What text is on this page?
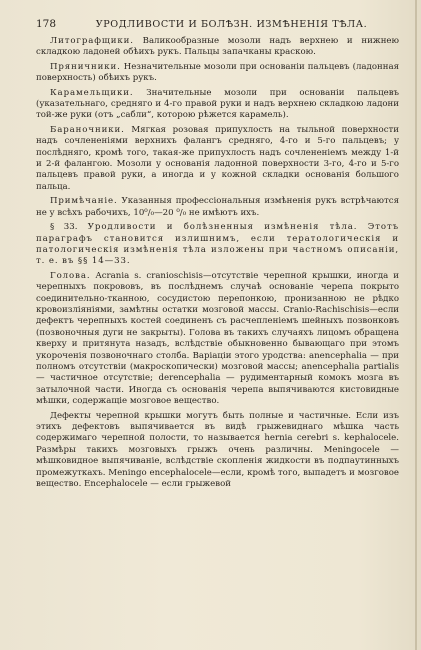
178	УРОДЛИВОСТИ И БОЛѢЗН. ИЗМѢНЕНІЯ ТѢЛА.

Литографщики. Валикообразные мозоли надъ верхнею и нижнею складкою ладоней обѣихъ рукъ. Пальцы запачканы краскою.

Пряничники. Незначительные мозоли при основаніи пальцевъ (ладонная поверхность) обѣихъ рукъ.

Карамельщики. Значительные мозоли при основаніи пальцевъ (указательнаго, средняго и 4-го правой руки и надъ верхнею складкою ладони той-же руки (отъ „сабли“, которою рѣжется карамель).

Бараночники. Мягкая розовая припухлость на тыльной поверхности надъ сочлененіями верхнихъ фалангъ средняго, 4-го и 5-го пальцевъ; у послѣдняго, кромѣ того, такая-же припухлость надъ сочлененіемъ между 1-й и 2-й фалангою. Мозоли у основанія ладонной поверхности 3-го, 4-го и 5-го пальцевъ правой руки, а иногда и у кожной складки основанія большого пальца.

Примѣчаніе. Указанныя профессіональныя измѣненія рукъ встрѣчаются не у всѣхъ рабочихъ, 10⁰/₀—20 ⁰/₀ не имѣютъ ихъ.

§ 33. Уродливости и болѣзненныя измѣненія тѣла. Этотъ параграфъ становится излишнимъ, если тератологическія и патологическія измѣненія тѣла изложены при частномъ описаніи, т. е. въ §§ 14—33.

Голова. Acrania s. cranioschisis—отсутствіе черепной крышки, иногда и черепныхъ покрововъ, въ послѣднемъ случаѣ основаніе черепа покрыто соединительно-тканною, сосудистою перепонкою, пронизанною не рѣдко кровоизліяніями, замѣтны остатки мозговой массы. Cranio-Rachischisis—если дефектъ черепныхъ костей соединенъ съ расчепленіемъ шейныхъ позвонковъ (позвоночныя дуги не закрыты). Голова въ такихъ случаяхъ лицомъ обращена кверху и притянута назадъ, вслѣдствіе обыкновенно бывающаго при этомъ укороченія позвоночнаго столба. Варіаціи этого уродства: anencephalia — при полномъ отсутствіи (макроскопически) мозговой массы; anencephalia partialis — частичное отсутствіе; derencephalia — рудиментарный комокъ мозга въ затылочной части. Иногда съ основанія черепа выпячиваются кистовидные мѣшки, содержащіе мозговое вещество.

Дефекты черепной крышки могутъ быть полные и частичные. Если изъ этихъ дефектовъ выпячивается въ видѣ грыжевиднаго мѣшка часть содержимаго черепной полости, то называется hernia cerebri s. kephalocele. Размѣры такихъ мозговыхъ грыжъ очень различны. Meningocele — мѣшковидное выпячиваніе, вслѣдствіе скопленія жидкости въ подпаутинныхъ промежуткахъ. Meningo encephalocele—если, кромѣ того, выпадетъ и мозговое вещество. Encephalocele — если грыжевой
